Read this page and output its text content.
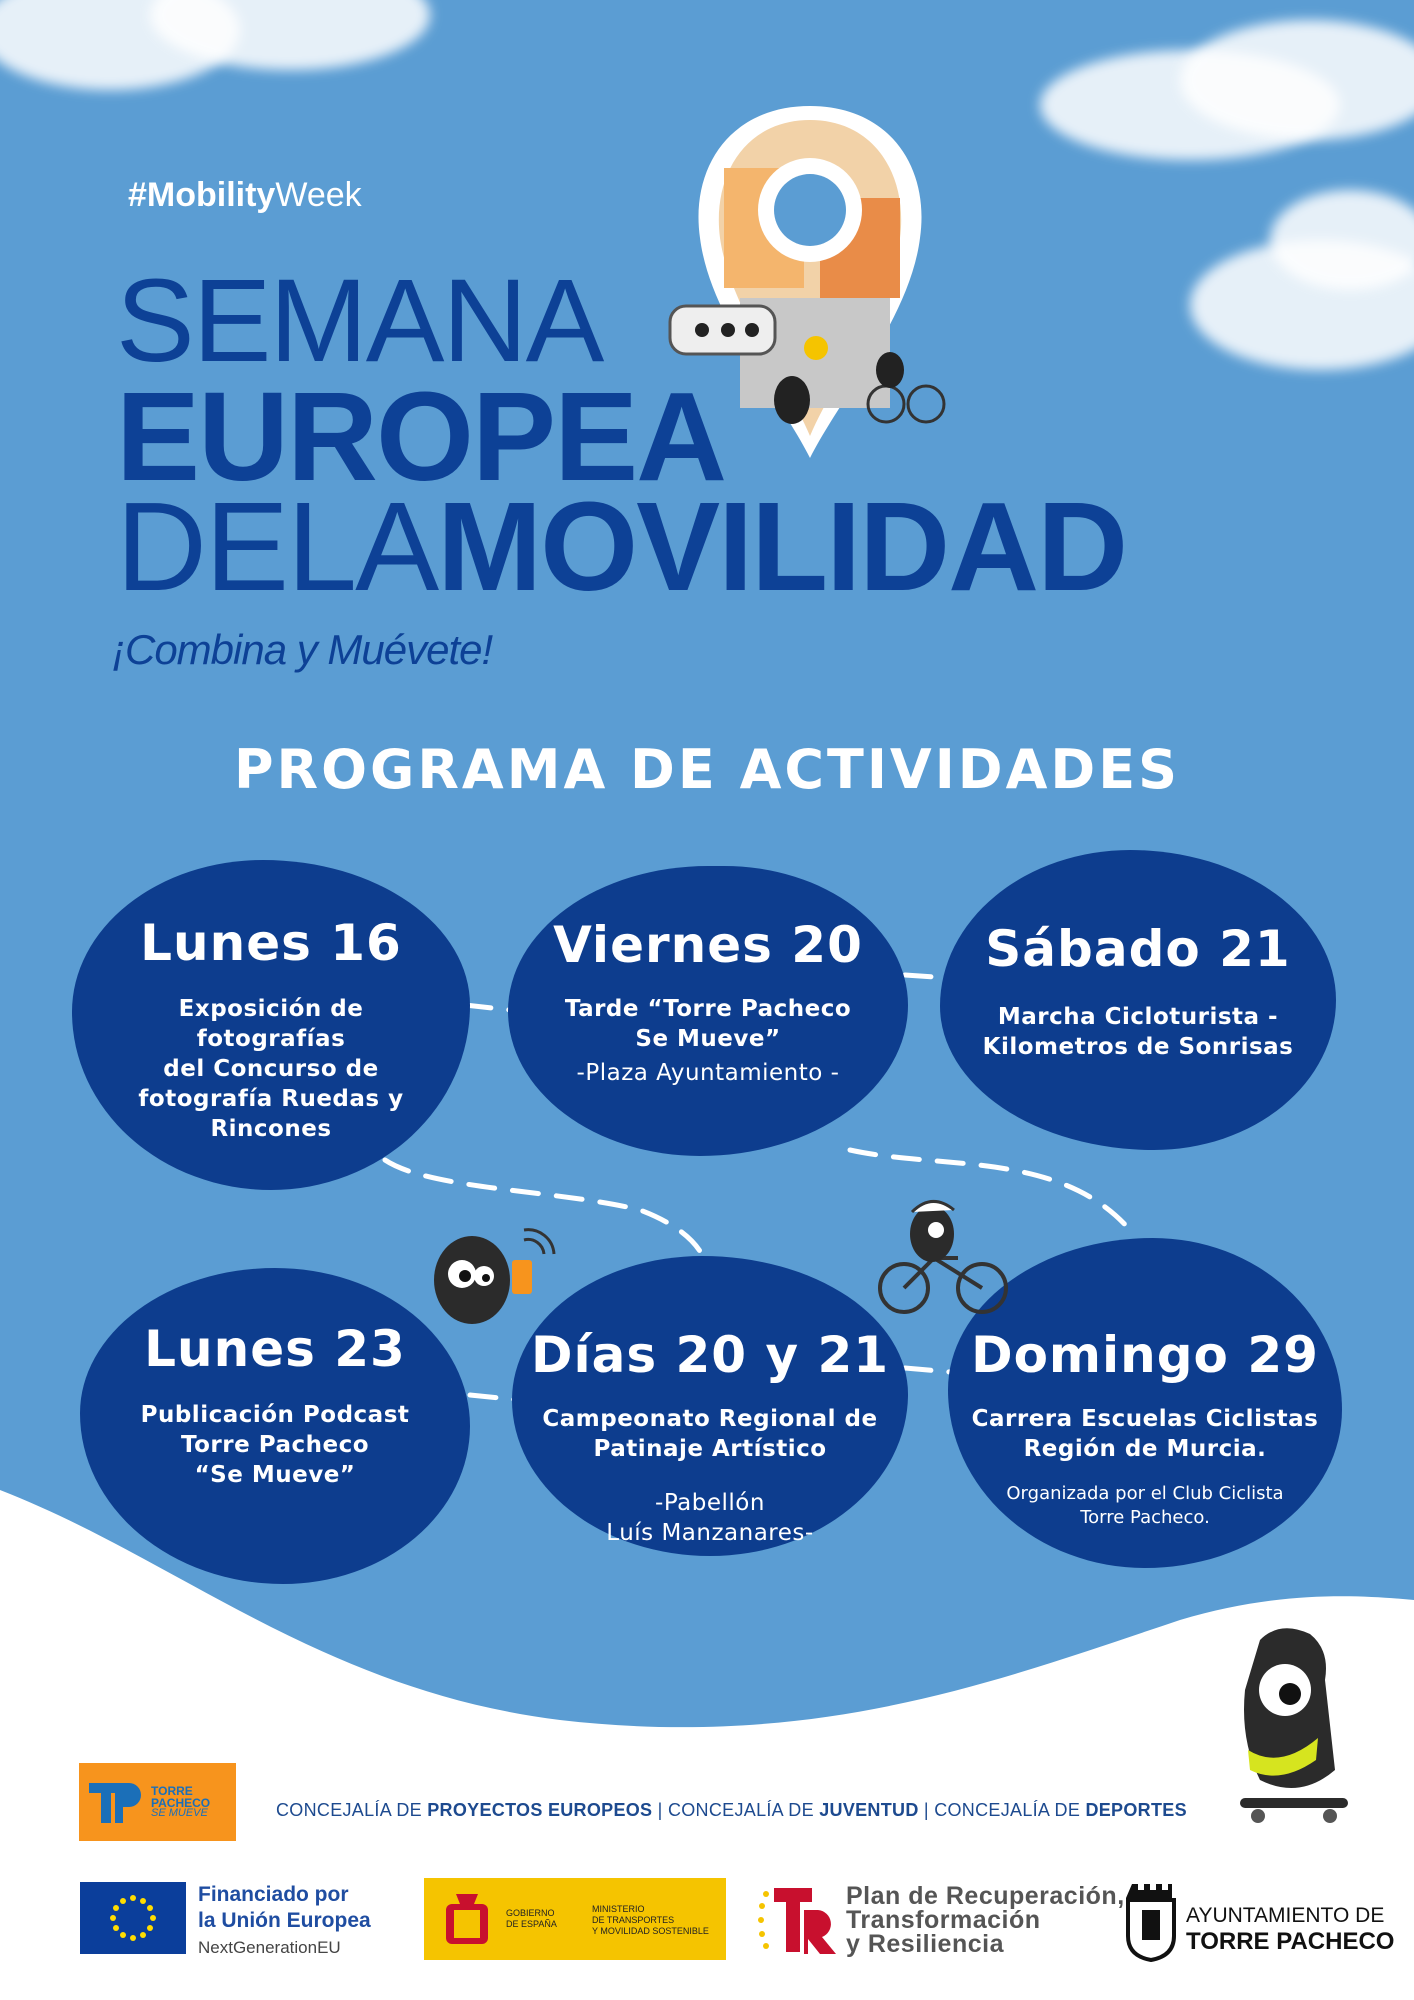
#MobilityWeek
SEMANA
EUROPEA
DELAMOVILIDAD
¡Combina y Muévete!
PROGRAMA DE ACTIVIDADES
Lunes 16
Exposición de
fotografías
del Concurso de
fotografía Ruedas y
Rincones
Viernes 20
Tarde “Torre Pacheco
Se Mueve”
-Plaza Ayuntamiento -
Sábado 21
Marcha Cicloturista -
Kilometros de Sonrisas
Lunes 23
Publicación Podcast
Torre Pacheco
“Se Mueve”
Días 20 y 21
Campeonato Regional de
Patinaje Artístico
-Pabellón
Luís Manzanares-
Domingo 29
Carrera Escuelas Ciclistas
Región de Murcia.
Organizada por el Club Ciclista
Torre Pacheco.
TORRE
PACHECO
SE MUEVE	CONCEJALÍA DE PROYECTOS EUROPEOS | CONCEJALÍA DE JUVENTUD | CONCEJALÍA DE DEPORTES
Financiado por
la Unión Europea
NextGenerationEU
GOBIERNO
DE ESPAÑA
MINISTERIO
DE TRANSPORTES
Y MOVILIDAD SOSTENIBLE
Plan de Recuperación,
Transformación
y Resiliencia
AYUNTAMIENTO DE
TORRE PACHECO
